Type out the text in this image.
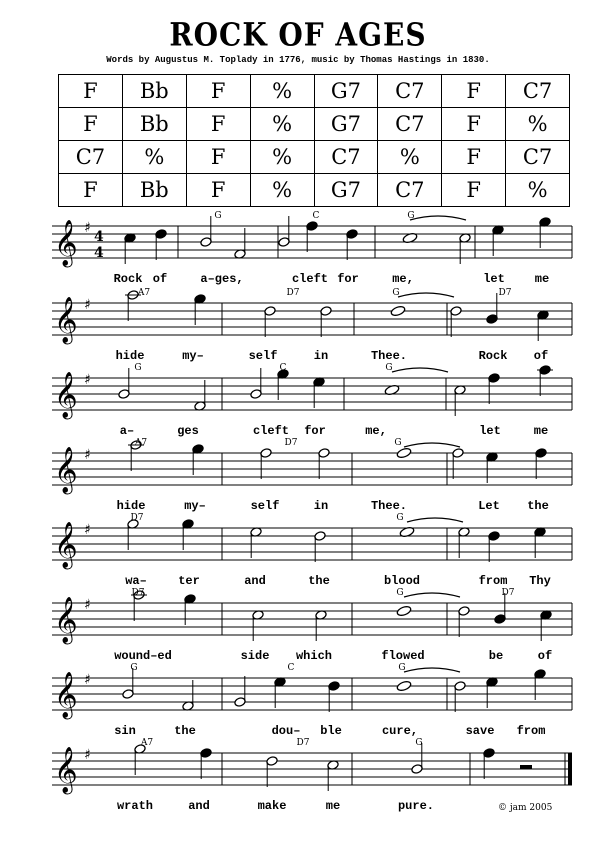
ROCK OF AGES
Words by Augustus M. Toplady in 1776, music by Thomas Hastings in 1830.
F	Bb	F	%	G7	C7	F	C7
F	Bb	F	%	G7	C7	F	%
C7	%	F	%	C7	%	F	C7
F	Bb	F	%	G7	C7	F	%
𝄞 ♯
4
4
G	C	G
Rock of	a–ges,	cleft for	me,	let me
𝄞 ♯
A7	D7	G	D7
hide	my–	self	in	Thee.	Rock of
𝄞 ♯
G	C	G
a–	ges	cleft for	me,	let	me
𝄞 ♯
A7	D7	G
hide	my–	self	in	Thee.	Let the
𝄞 ♯
D7	G
wa–	ter	and	the	blood	from Thy
𝄞 ♯
D7	G	D7
wound–ed	side which	flowed	be	of
𝄞 ♯
G	C	G
sin	the	dou– ble	cure,	save from
𝄞 ♯
A7	D7	G
wrath	and	make	me	pure.	© jam 2005
